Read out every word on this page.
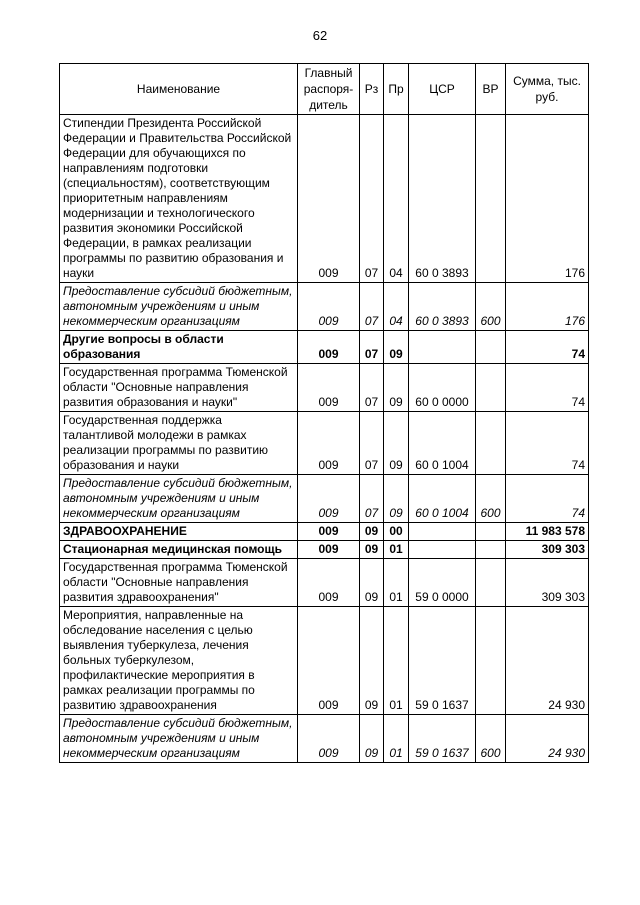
62
Наименование	Главный распоря-дитель	Рз	Пр	ЦСР	ВР	Сумма, тыс. руб.
Стипендии Президента Российской Федерации и Правительства Российской Федерации для обучающихся по направлениям подготовки (специальностям), соответствующим приоритетным направлениям модернизации и технологического развития экономики Российской Федерации, в рамках реализации программы по развитию образования и науки	009	07	04	60 0 3893		176
Предоставление субсидий бюджетным, автономным учреждениям и иным некоммерческим организациям	009	07	04	60 0 3893	600	176
Другие вопросы в области образования	009	07	09			74
Государственная программа Тюменской области "Основные направления развития образования и науки"	009	07	09	60 0 0000		74
Государственная поддержка талантливой молодежи в рамках реализации программы по развитию образования и науки	009	07	09	60 0 1004		74
Предоставление субсидий бюджетным, автономным учреждениям и иным некоммерческим организациям	009	07	09	60 0 1004	600	74
ЗДРАВООХРАНЕНИЕ	009	09	00			11 983 578
Стационарная медицинская помощь	009	09	01			309 303
Государственная программа Тюменской области "Основные направления развития здравоохранения"	009	09	01	59 0 0000		309 303
Мероприятия, направленные на обследование населения с целью выявления туберкулеза, лечения больных туберкулезом, профилактические мероприятия в рамках реализации программы по развитию здравоохранения	009	09	01	59 0 1637		24 930
Предоставление субсидий бюджетным, автономным учреждениям и иным некоммерческим организациям	009	09	01	59 0 1637	600	24 930
